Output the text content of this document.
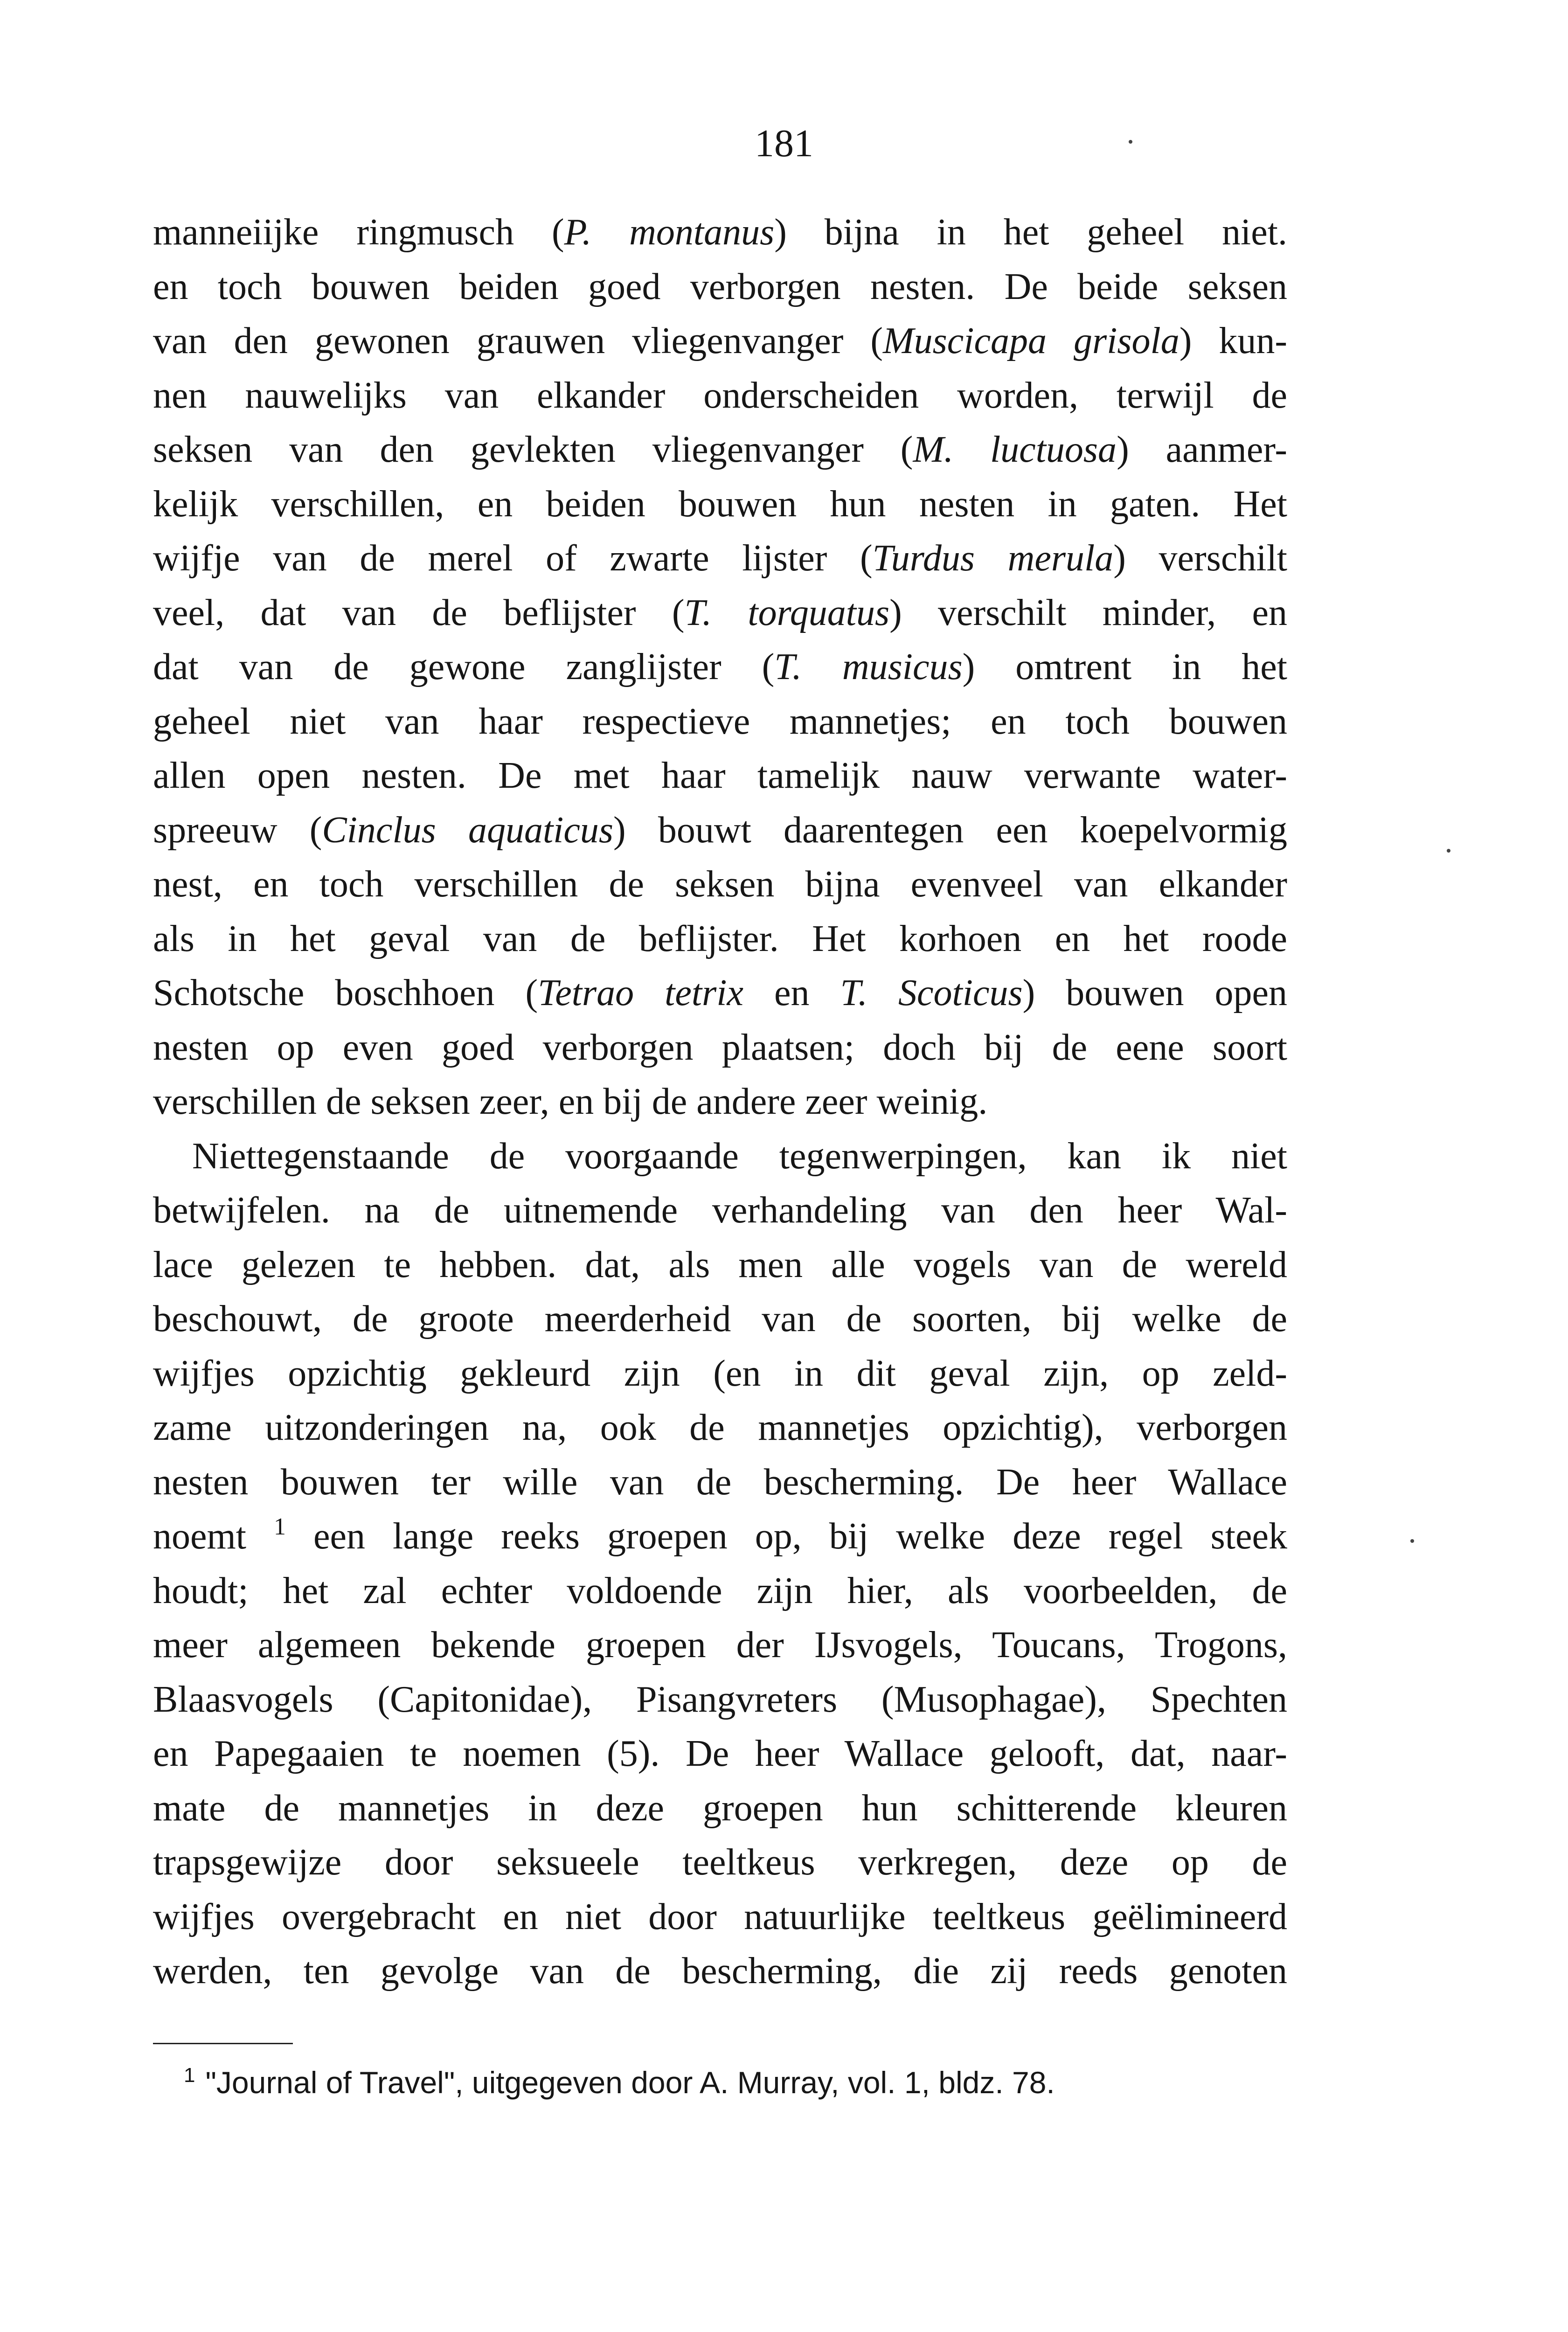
181
manneiijke ringmusch (P. montanus) bijna in het geheel niet.
en toch bouwen beiden goed verborgen nesten. De beide seksen
van den gewonen grauwen vliegenvanger (Muscicapa grisola) kun-
nen nauwelijks van elkander onderscheiden worden, terwijl de
seksen van den gevlekten vliegenvanger (M. luctuosa) aanmer-
kelijk verschillen, en beiden bouwen hun nesten in gaten. Het
wijfje van de merel of zwarte lijster (Turdus merula) verschilt
veel, dat van de beflijster (T. torquatus) verschilt minder, en
dat van de gewone zanglijster (T. musicus) omtrent in het
geheel niet van haar respectieve mannetjes; en toch bouwen
allen open nesten. De met haar tamelijk nauw verwante water-
spreeuw (Cinclus aquaticus) bouwt daarentegen een koepelvormig
nest, en toch verschillen de seksen bijna evenveel van elkander
als in het geval van de beflijster. Het korhoen en het roode
Schotsche boschhoen (Tetrao tetrix en T. Scoticus) bouwen open
nesten op even goed verborgen plaatsen; doch bij de eene soort
verschillen de seksen zeer, en bij de andere zeer weinig.
Niettegenstaande de voorgaande tegenwerpingen, kan ik niet
betwijfelen. na de uitnemende verhandeling van den heer Wal-
lace gelezen te hebben. dat, als men alle vogels van de wereld
beschouwt, de groote meerderheid van de soorten, bij welke de
wijfjes opzichtig gekleurd zijn (en in dit geval zijn, op zeld-
zame uitzonderingen na, ook de mannetjes opzichtig), verborgen
nesten bouwen ter wille van de bescherming. De heer Wallace
noemt $^1$ een lange reeks groepen op, bij welke deze regel steek
houdt; het zal echter voldoende zijn hier, als voorbeelden, de
meer algemeen bekende groepen der IJsvogels, Toucans, Trogons,
Blaasvogels (Capitonidae), Pisangvreters (Musophagae), Spechten
en Papegaaien te noemen (5). De heer Wallace gelooft, dat, naar-
mate de mannetjes in deze groepen hun schitterende kleuren
trapsgewijze door seksueele teeltkeus verkregen, deze op de
wijfjes overgebracht en niet door natuurlijke teeltkeus geëlimineerd
werden, ten gevolge van de bescherming, die zij reeds genoten
$^1$ "Journal of Travel", uitgegeven door A. Murray, vol. 1, bldz. 78.
